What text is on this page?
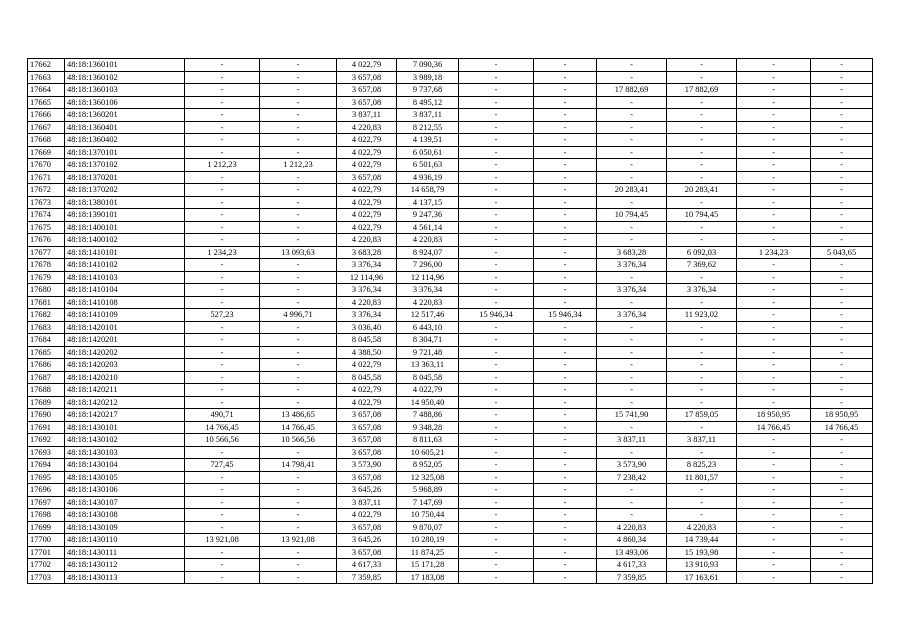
17662	48:18:1360101	-	-	4 022,79	7 090,36	-	-	-	-	-	-
17663	48:18:1360102	-	-	3 657,08	3 989,18	-	-	-	-	-	-
17664	48:18:1360103	-	-	3 657,08	9 737,68	-	-	17 882,69	17 882,69	-	-
17665	48:18:1360106	-	-	3 657,08	8 495,12	-	-	-	-	-	-
17666	48:18:1360201	-	-	3 837,11	3 837,11	-	-	-	-	-	-
17667	48:18:1360401	-	-	4 220,83	8 212,55	-	-	-	-	-	-
17668	48:18:1360402	-	-	4 022,79	4 139,51	-	-	-	-	-	-
17669	48:18:1370101	-	-	4 022,79	6 050,61	-	-	-	-	-	-
17670	48:18:1370102	1 212,23	1 212,23	4 022,79	6 501,63	-	-	-	-	-	-
17671	48:18:1370201	-	-	3 657,08	4 936,19	-	-	-	-	-	-
17672	48:18:1370202	-	-	4 022,79	14 658,79	-	-	20 283,41	20 283,41	-	-
17673	48:18:1380101	-	-	4 022,79	4 137,15	-	-	-	-	-	-
17674	48:18:1390101	-	-	4 022,79	9 247,36	-	-	10 794,45	10 794,45	-	-
17675	48:18:1400101	-	-	4 022,79	4 561,14	-	-	-	-	-	-
17676	48:18:1400102	-	-	4 220,83	4 220,83	-	-	-	-	-	-
17677	48:18:1410101	1 234,23	13 093,63	3 683,28	8 924,07	-	-	3 683,28	6 092,03	1 234,23	5 043,65
17678	48:18:1410102	-	-	3 376,34	7 296,00	-	-	3 376,34	7 369,62	-	-
17679	48:18:1410103	-	-	12 114,96	12 114,96	-	-	-	-	-	-
17680	48:18:1410104	-	-	3 376,34	3 376,34	-	-	3 376,34	3 376,34	-	-
17681	48:18:1410108	-	-	4 220,83	4 220,83	-	-	-	-	-	-
17682	48:18:1410109	527,23	4 996,71	3 376,34	12 517,46	15 946,34	15 946,34	3 376,34	11 923,02	-	-
17683	48:18:1420101	-	-	3 036,40	6 443,10	-	-	-	-	-	-
17684	48:18:1420201	-	-	8 045,58	8 304,71	-	-	-	-	-	-
17685	48:18:1420202	-	-	4 388,50	9 721,48	-	-	-	-	-	-
17686	48:18:1420203	-	-	4 022,79	13 363,11	-	-	-	-	-	-
17687	48:18:1420210	-	-	8 045,58	8 045,58	-	-	-	-	-	-
17688	48:18:1420211	-	-	4 022,79	4 022,79	-	-	-	-	-	-
17689	48:18:1420212	-	-	4 022,79	14 950,40	-	-	-	-	-	-
17690	48:18:1420217	490,71	13 486,65	3 657,08	7 488,86	-	-	15 741,90	17 859,05	18 950,95	18 950,95
17691	48:18:1430101	14 766,45	14 766,45	3 657,08	9 348,28	-	-	-	-	14 766,45	14 766,45
17692	48:18:1430102	10 566,56	10 566,56	3 657,08	8 811,63	-	-	3 837,11	3 837,11	-	-
17693	48:18:1430103	-	-	3 657,08	10 605,21	-	-	-	-	-	-
17694	48:18:1430104	727,45	14 798,41	3 573,90	8 952,05	-	-	3 573,90	8 825,23	-	-
17695	48:18:1430105	-	-	3 657,08	12 325,08	-	-	7 238,42	11 801,57	-	-
17696	48:18:1430106	-	-	3 645,26	5 968,89	-	-	-	-	-	-
17697	48:18:1430107	-	-	3 837,11	7 147,69	-	-	-	-	-	-
17698	48:18:1430108	-	-	4 022,79	10 750,44	-	-	-	-	-	-
17699	48:18:1430109	-	-	3 657,08	9 870,07	-	-	4 220,83	4 220,83	-	-
17700	48:18:1430110	13 921,08	13 921,08	3 645,26	10 280,19	-	-	4 860,34	14 739,44	-	-
17701	48:18:1430111	-	-	3 657,08	11 874,25	-	-	13 493,06	15 193,98	-	-
17702	48:18:1430112	-	-	4 617,33	15 171,28	-	-	4 617,33	13 910,93	-	-
17703	48:18:1430113	-	-	7 359,85	17 183,08	-	-	7 359,85	17 163,61	-	-
